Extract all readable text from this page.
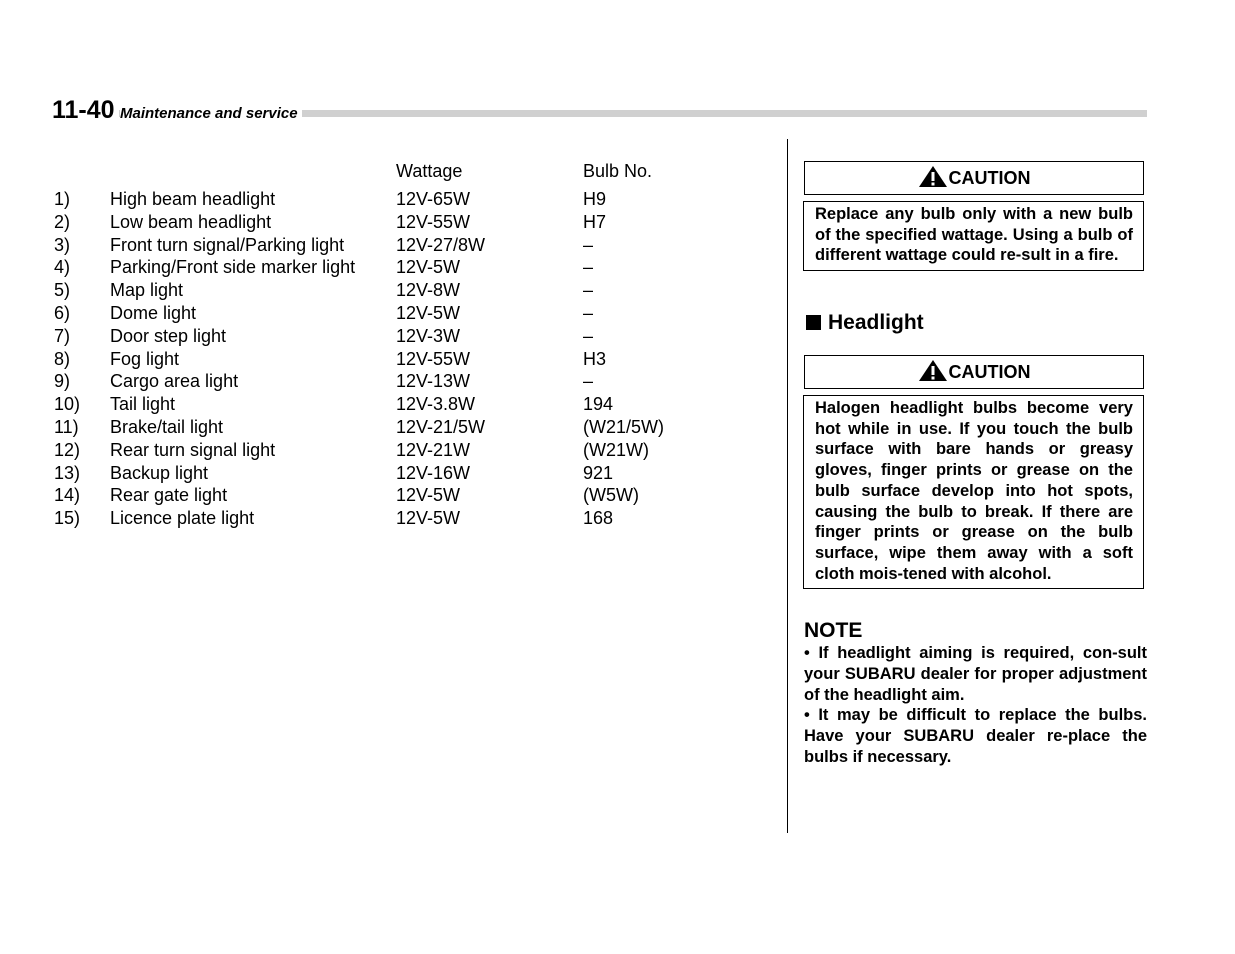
11-40 Maintenance and service
Wattage	Bulb No.
1) High beam headlight	12V-65W	H9
2) Low beam headlight	12V-55W	H7
3) Front turn signal/Parking light	12V-27/8W	–
4) Parking/Front side marker light 12V-5W	–
5) Map light	12V-8W	–
6) Dome light	12V-5W	–
7) Door step light	12V-3W	–
8) Fog light	12V-55W	H3
9) Cargo area light	12V-13W	–
10) Tail light	12V-3.8W	194
11) Brake/tail light	12V-21/5W	(W21/5W)
12) Rear turn signal light	12V-21W	(W21W)
13) Backup light	12V-16W	921
14) Rear gate light	12V-5W	(W5W)
15) Licence plate light	12V-5W	168
CAUTION
Replace any bulb only with a new bulb of the specified wattage. Using a bulb of different wattage could re-sult in a fire.
Headlight
CAUTION
Halogen headlight bulbs become very hot while in use. If you touch the bulb surface with bare hands or greasy gloves, finger prints or grease on the bulb surface develop into hot spots, causing the bulb to break. If there are finger prints or grease on the bulb surface, wipe them away with a soft cloth mois-tened with alcohol.
NOTE

• If headlight aiming is required, con-sult your SUBARU dealer for proper adjustment of the headlight aim.

• It may be difficult to replace the bulbs. Have your SUBARU dealer re-place the bulbs if necessary.
